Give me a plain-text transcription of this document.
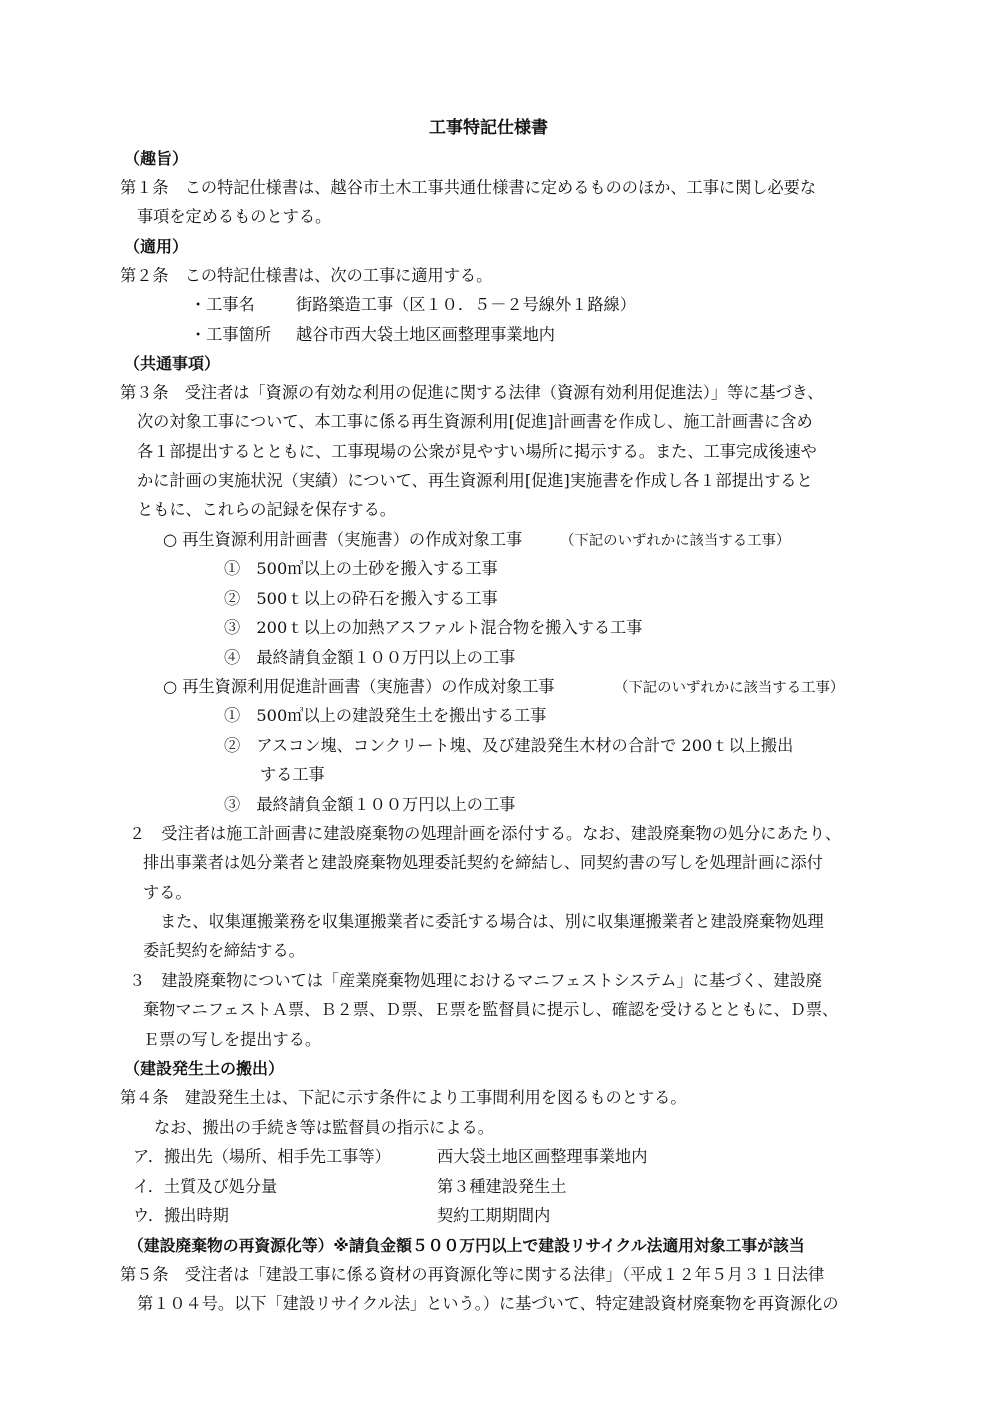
工事特記仕様書
（趣旨）
第１条　この特記仕様書は、越谷市土木工事共通仕様書に定めるもののほか、工事に関し必要な
事項を定めるものとする。
（適用）
第２条　この特記仕様書は、次の工事に適用する。
・工事名	街路築造工事（区１０．５－２号線外１路線）
・工事箇所 越谷市西大袋土地区画整理事業地内
（共通事項）
第３条　受注者は「資源の有効な利用の促進に関する法律（資源有効利用促進法）」等に基づき、
次の対象工事について、本工事に係る再生資源利用[促進]計画書を作成し、施工計画書に含め
各１部提出するとともに、工事現場の公衆が見やすい場所に掲示する。また、工事完成後速や
かに計画の実施状況（実績）について、再生資源利用[促進]実施書を作成し各１部提出すると
ともに、これらの記録を保存する。
○ 再生資源利用計画書（実施書）の作成対象工事	（下記のいずれかに該当する工事）
①　500㎥以上の土砂を搬入する工事
②　500ｔ以上の砕石を搬入する工事
③　200ｔ以上の加熱アスファルト混合物を搬入する工事
④　最終請負金額１００万円以上の工事
○ 再生資源利用促進計画書（実施書）の作成対象工事	（下記のいずれかに該当する工事）
①　500㎥以上の建設発生土を搬出する工事
②　アスコン塊、コンクリート塊、及び建設発生木材の合計で 200ｔ以上搬出
する工事
③　最終請負金額１００万円以上の工事
２　受注者は施工計画書に建設廃棄物の処理計画を添付する。なお、建設廃棄物の処分にあたり、
排出事業者は処分業者と建設廃棄物処理委託契約を締結し、同契約書の写しを処理計画に添付
する。
また、収集運搬業務を収集運搬業者に委託する場合は、別に収集運搬業者と建設廃棄物処理
委託契約を締結する。
３　建設廃棄物については「産業廃棄物処理におけるマニフェストシステム」に基づく、建設廃
棄物マニフェストＡ票、Ｂ２票、Ｄ票、Ｅ票を監督員に提示し、確認を受けるとともに、Ｄ票、
Ｅ票の写しを提出する。
（建設発生土の搬出）
第４条　建設発生土は、下記に示す条件により工事間利用を図るものとする。
なお、搬出の手続き等は監督員の指示による。
ア．搬出先（場所、相手先工事等）	西大袋土地区画整理事業地内
イ．土質及び処分量	第３種建設発生土
ウ．搬出時期	契約工期期間内
（建設廃棄物の再資源化等）※請負金額５００万円以上で建設リサイクル法適用対象工事が該当
第５条　受注者は「建設工事に係る資材の再資源化等に関する法律」（平成１２年５月３１日法律
第１０４号。以下「建設リサイクル法」という。）に基づいて、特定建設資材廃棄物を再資源化の
